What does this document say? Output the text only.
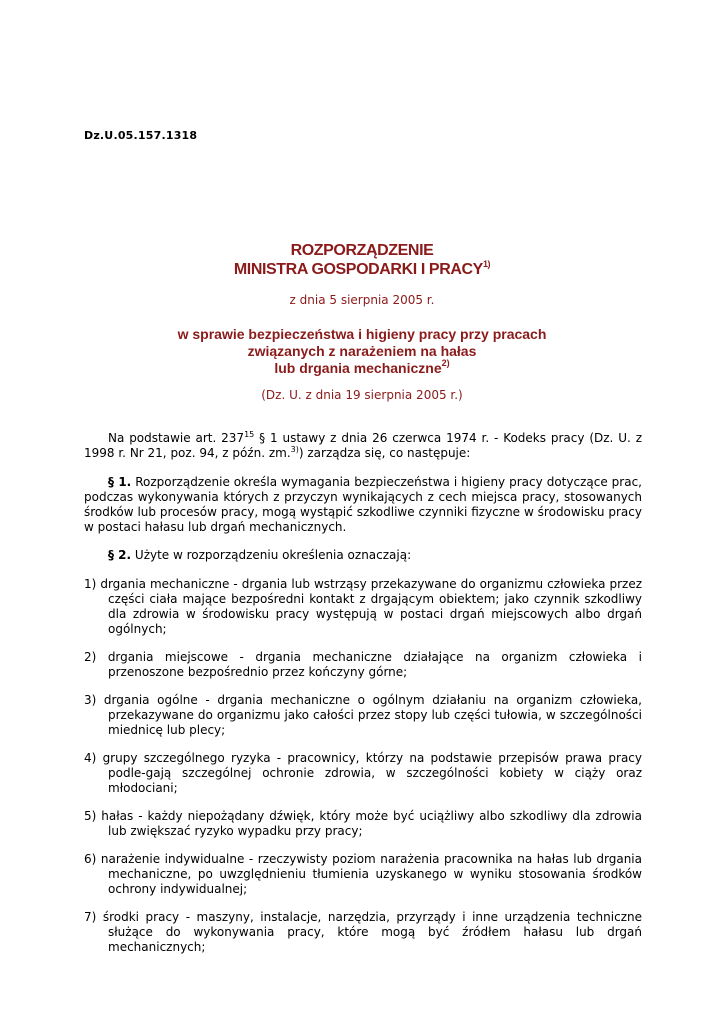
Dz.U.05.157.1318
ROZPORZĄDZENIE
MINISTRA GOSPODARKI I PRACY$^{1)}$
z dnia 5 sierpnia 2005 r.
w sprawie bezpieczeństwa i higieny pracy przy pracach
związanych z narażeniem na hałas
lub drgania mechaniczne$^{2)}$
(Dz. U. z dnia 19 sierpnia 2005 r.)

Na podstawie art. $237^{15}$ § 1 ustawy z dnia 26 czerwca 1974 r. - Kodeks pracy (Dz. U. z 1998 r. Nr 21, poz. 94, z późn. zm.$^{3)}$) zarządza się, co następuje:

§ 1. Rozporządzenie określa wymagania bezpieczeństwa i higieny pracy dotyczące prac, podczas wykonywania których z przyczyn wynikających z cech miejsca pracy, stosowanych środków lub procesów pracy, mogą wystąpić szkodliwe czynniki fizyczne w środowisku pracy w postaci hałasu lub drgań mechanicznych.

§ 2. Użyte w rozporządzeniu określenia oznaczają:

1) drgania mechaniczne - drgania lub wstrząsy przekazywane do organizmu człowieka przez części ciała mające bezpośredni kontakt z drgającym obiektem; jako czynnik szkodliwy dla zdrowia w środowisku pracy występują w postaci drgań miejscowych albo drgań ogólnych;

2) drgania miejscowe - drgania mechaniczne działające na organizm człowieka i przenoszone bezpośrednio przez kończyny górne;

3) drgania ogólne - drgania mechaniczne o ogólnym działaniu na organizm człowieka, przekazywane do organizmu jako całości przez stopy lub części tułowia, w szczególności miednicę lub plecy;

4) grupy szczególnego ryzyka - pracownicy, którzy na podstawie przepisów prawa pracy podle-gają szczególnej ochronie zdrowia, w szczególności kobiety w ciąży oraz młodociani;

5) hałas - każdy niepożądany dźwięk, który może być uciążliwy albo szkodliwy dla zdrowia lub zwiększać ryzyko wypadku przy pracy;

6) narażenie indywidualne - rzeczywisty poziom narażenia pracownika na hałas lub drgania mechaniczne, po uwzględnieniu tłumienia uzyskanego w wyniku stosowania środków ochrony indywidualnej;

7) środki pracy - maszyny, instalacje, narzędzia, przyrządy i inne urządzenia techniczne służące do wykonywania pracy, które mogą być źródłem hałasu lub drgań mechanicznych;
